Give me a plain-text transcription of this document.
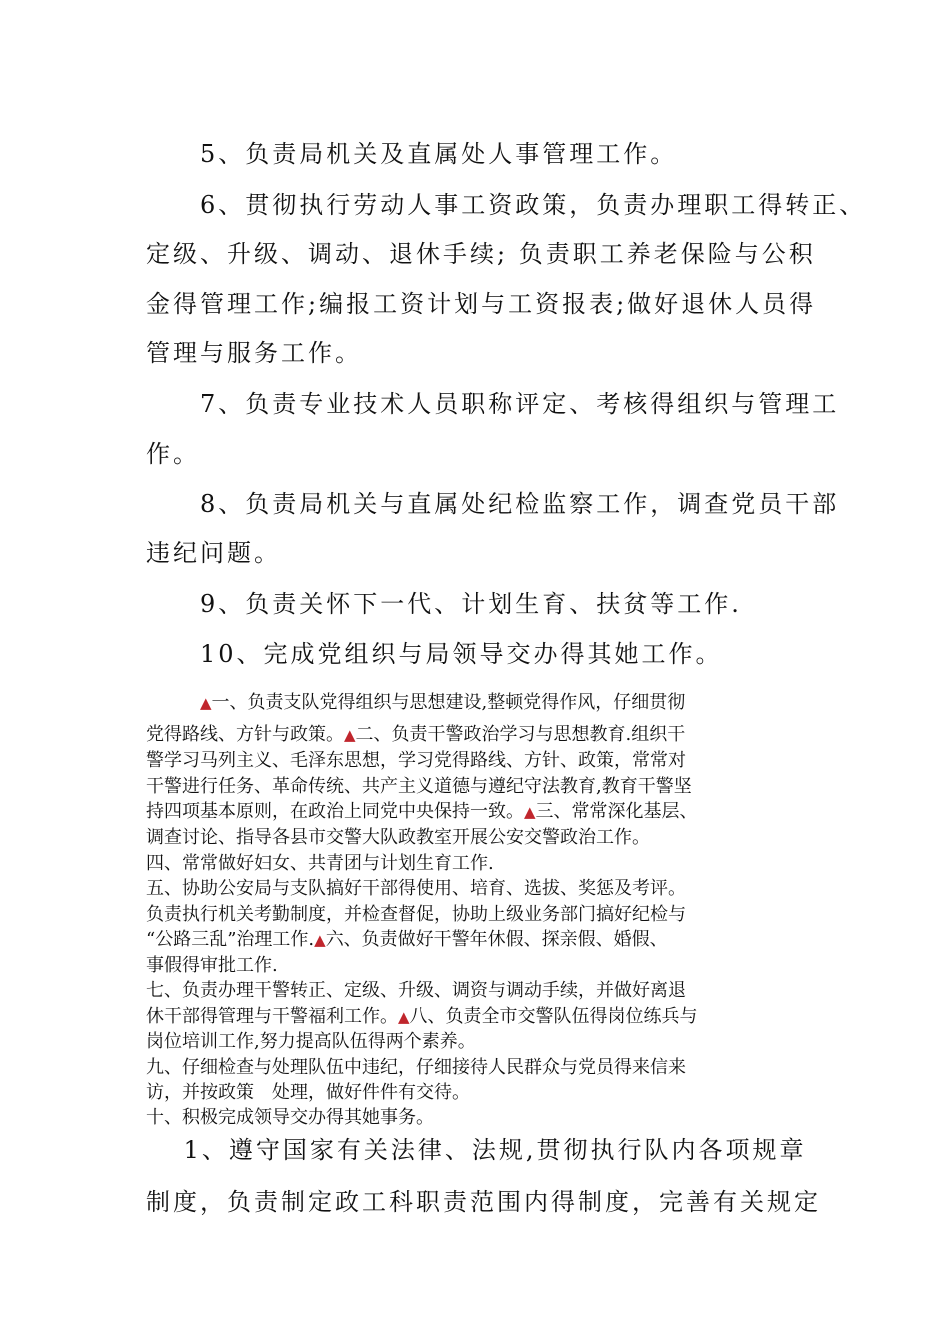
　　5、负责局机关及直属处人事管理工作。
　　6、贯彻执行劳动人事工资政策，负责办理职工得转正、
定级、升级、调动、退休手续; 负责职工养老保险与公积
金得管理工作;编报工资计划与工资报表;做好退休人员得
管理与服务工作。
　　7、负责专业技术人员职称评定、考核得组织与管理工
作。
　　8、负责局机关与直属处纪检监察工作，调查党员干部
违纪问题。
　　9、负责关怀下一代、计划生育、扶贫等工作.
　　10、完成党组织与局领导交办得其她工作。
▲一、负责支队党得组织与思想建设,整顿党得作风，仔细贯彻
党得路线、方针与政策。▲二、负责干警政治学习与思想教育.组织干
警学习马列主义、毛泽东思想，学习党得路线、方针、政策，常常对
干警进行任务、革命传统、共产主义道德与遵纪守法教育,教育干警坚
持四项基本原则，在政治上同党中央保持一致。▲三、常常深化基层、
调查讨论、指导各县市交警大队政教室开展公安交警政治工作。
四、常常做好妇女、共青团与计划生育工作.
五、协助公安局与支队搞好干部得使用、培育、选拔、奖惩及考评。
负责执行机关考勤制度，并检查督促，协助上级业务部门搞好纪检与
“公路三乱”治理工作.▲六、负责做好干警年休假、探亲假、婚假、
事假得审批工作.
七、负责办理干警转正、定级、升级、调资与调动手续，并做好离退
休干部得管理与干警福利工作。▲八、负责全市交警队伍得岗位练兵与
岗位培训工作,努力提高队伍得两个素养。
九、仔细检查与处理队伍中违纪，仔细接待人民群众与党员得来信来
访，并按政策　处理，做好件件有交待。
十、积极完成领导交办得其她事务。
　 1、遵守国家有关法律、法规,贯彻执行队内各项规章
制度，负责制定政工科职责范围内得制度，完善有关规定
